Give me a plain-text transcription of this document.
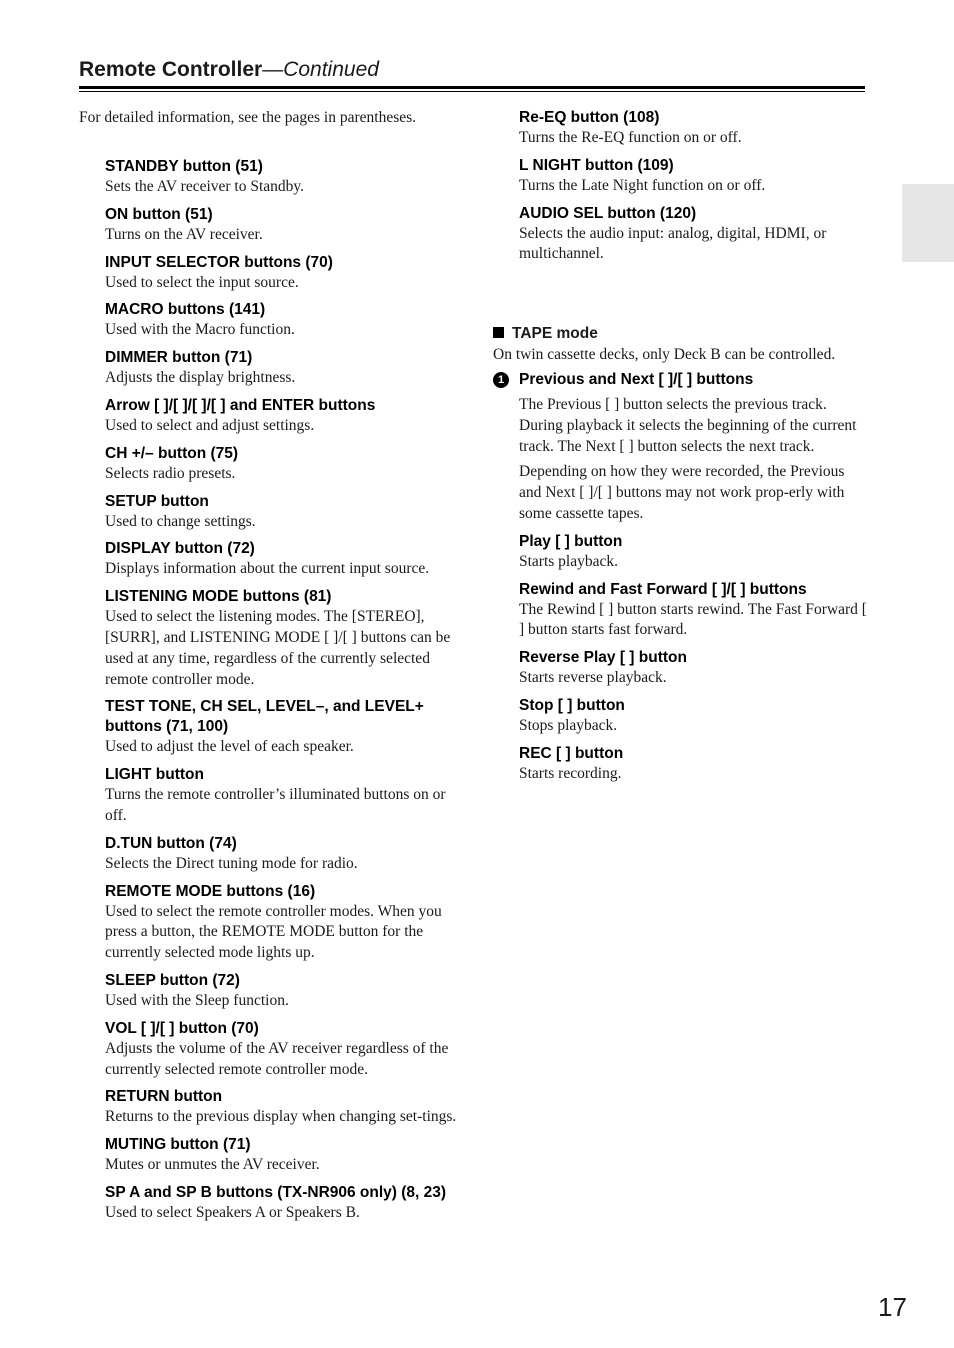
Remote Controller—Continued
For detailed information, see the pages in parentheses.
STANDBY button (51)
Sets the AV receiver to Standby.
ON button (51)
Turns on the AV receiver.
INPUT SELECTOR buttons (70)
Used to select the input source.
MACRO buttons (141)
Used with the Macro function.
DIMMER button (71)
Adjusts the display brightness.
Arrow [ ]/[ ]/[ ]/[ ] and ENTER buttons
Used to select and adjust settings.
CH +/– button (75)
Selects radio presets.
SETUP button
Used to change settings.
DISPLAY button (72)
Displays information about the current input source.
LISTENING MODE buttons (81)
Used to select the listening modes. The [STEREO], [SURR], and LISTENING MODE [ ]/[ ] buttons can be used at any time, regardless of the currently selected remote controller mode.
TEST TONE, CH SEL, LEVEL–, and LEVEL+ buttons (71, 100)
Used to adjust the level of each speaker.
LIGHT button
Turns the remote controller’s illuminated buttons on or off.
D.TUN button (74)
Selects the Direct tuning mode for radio.
REMOTE MODE buttons (16)
Used to select the remote controller modes. When you press a button, the REMOTE MODE button for the currently selected mode lights up.
SLEEP button (72)
Used with the Sleep function.
VOL [ ]/[ ] button (70)
Adjusts the volume of the AV receiver regardless of the currently selected remote controller mode.
RETURN button
Returns to the previous display when changing set-tings.
MUTING button (71)
Mutes or unmutes the AV receiver.
SP A and SP B buttons (TX-NR906 only) (8, 23)
Used to select Speakers A or Speakers B.
Re-EQ button (108)
Turns the Re-EQ function on or off.
L NIGHT button (109)
Turns the Late Night function on or off.
AUDIO SEL button (120)
Selects the audio input: analog, digital, HDMI, or multichannel.
TAPE mode
On twin cassette decks, only Deck B can be controlled.
1 Previous and Next [ ]/[ ] buttons
The Previous [ ] button selects the previous track. During playback it selects the beginning of the current track. The Next [ ] button selects the next track.
Depending on how they were recorded, the Previous and Next [ ]/[ ] buttons may not work prop-erly with some cassette tapes.
Play [ ] button
Starts playback.
Rewind and Fast Forward [ ]/[ ] buttons
The Rewind [ ] button starts rewind. The Fast Forward [ ] button starts fast forward.
Reverse Play [ ] button
Starts reverse playback.
Stop [ ] button
Stops playback.
REC [ ] button
Starts recording.
17
